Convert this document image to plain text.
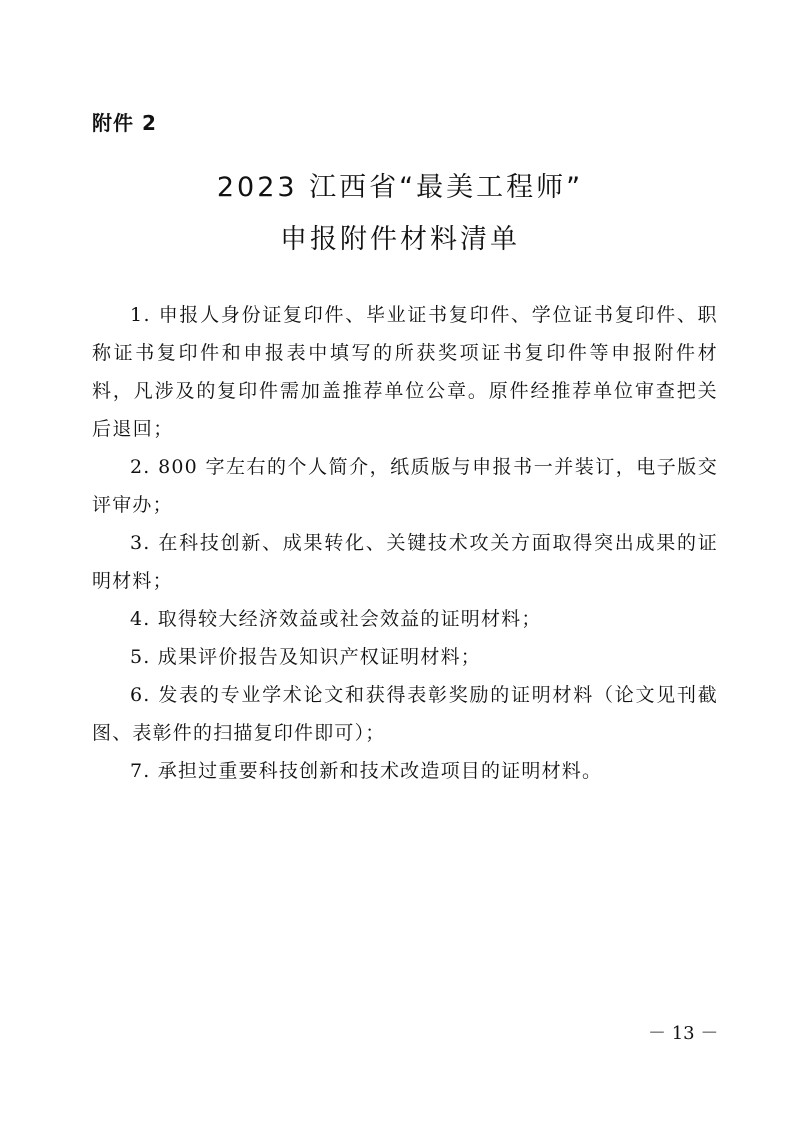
附件 2
2023 江西省“最美工程师”
申报附件材料清单

1. 申报人身份证复印件、毕业证书复印件、学位证书复印件、职称证书复印件和申报表中填写的所获奖项证书复印件等申报附件材料，凡涉及的复印件需加盖推荐单位公章。原件经推荐单位审查把关后退回；

2. 800 字左右的个人简介，纸质版与申报书一并装订，电子版交评审办；

3. 在科技创新、成果转化、关键技术攻关方面取得突出成果的证明材料；

4. 取得较大经济效益或社会效益的证明材料；

5. 成果评价报告及知识产权证明材料；

6. 发表的专业学术论文和获得表彰奖励的证明材料（论文见刊截图、表彰件的扫描复印件即可）；

7. 承担过重要科技创新和技术改造项目的证明材料。

－ 13 －
